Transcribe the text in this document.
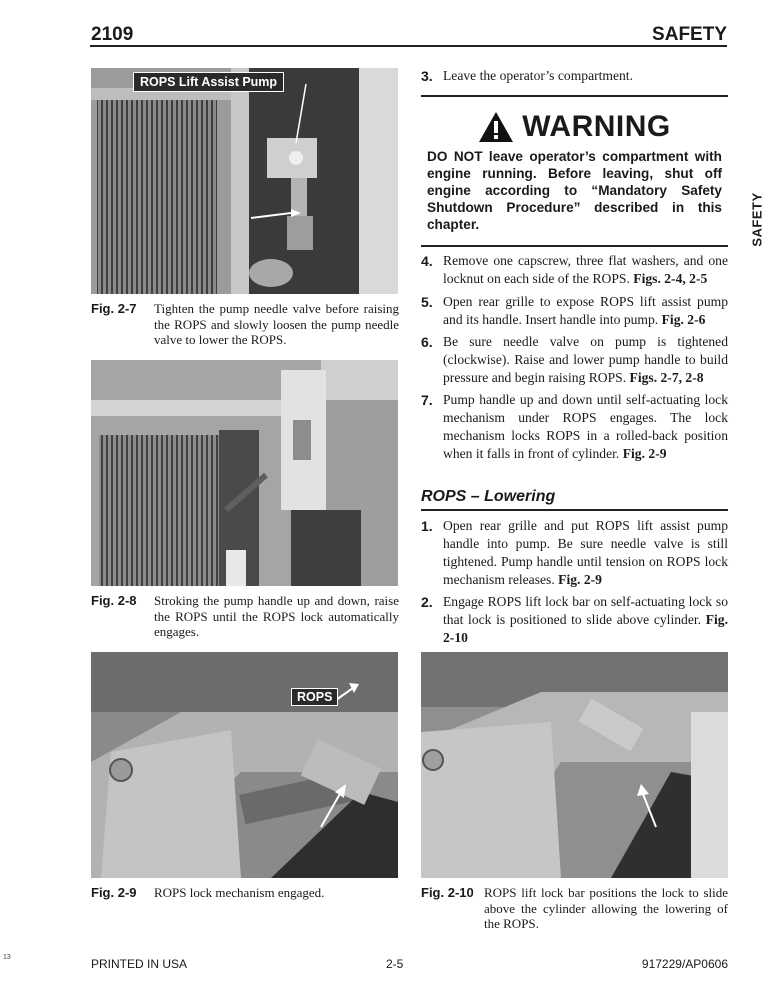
2109	SAFETY
SAFETY
ROPS Lift Assist Pump
Fig. 2-7 Tighten the pump needle valve before raising the ROPS and slowly loosen the pump needle valve to lower the ROPS.
Fig. 2-8 Stroking the pump handle up and down, raise the ROPS until the ROPS lock automatically engages.
ROPS
Fig. 2-9 ROPS lock mechanism engaged.	Fig. 2-10 ROPS lift lock bar positions the lock to slide above the cylinder allowing the lowering of the ROPS.
3. Leave the operator’s compartment.
WARNING
DO NOT leave operator’s compartment with engine running. Before leaving, shut off engine according to “Mandatory Safety Shutdown Procedure” described in this chapter.
4. Remove one capscrew, three flat washers, and one locknut on each side of the ROPS. Figs. 2-4, 2-5
5. Open rear grille to expose ROPS lift assist pump and its handle. Insert handle into pump. Fig. 2-6
6. Be sure needle valve on pump is tightened (clockwise). Raise and lower pump handle to build pressure and begin raising ROPS. Figs. 2-7, 2-8
7. Pump handle up and down until self-actuating lock mechanism under ROPS engages. The lock mechanism locks ROPS in a rolled-back position when it falls in front of cylinder. Fig. 2-9
ROPS – Lowering
1. Open rear grille and put ROPS lift assist pump handle into pump. Be sure needle valve is still tightened. Pump handle until tension on ROPS lock mechanism releases. Fig. 2-9
2. Engage ROPS lift lock bar on self-actuating lock so that lock is positioned to slide above cylinder. Fig. 2-10
13	PRINTED IN USA	2-5	917229/AP0606
